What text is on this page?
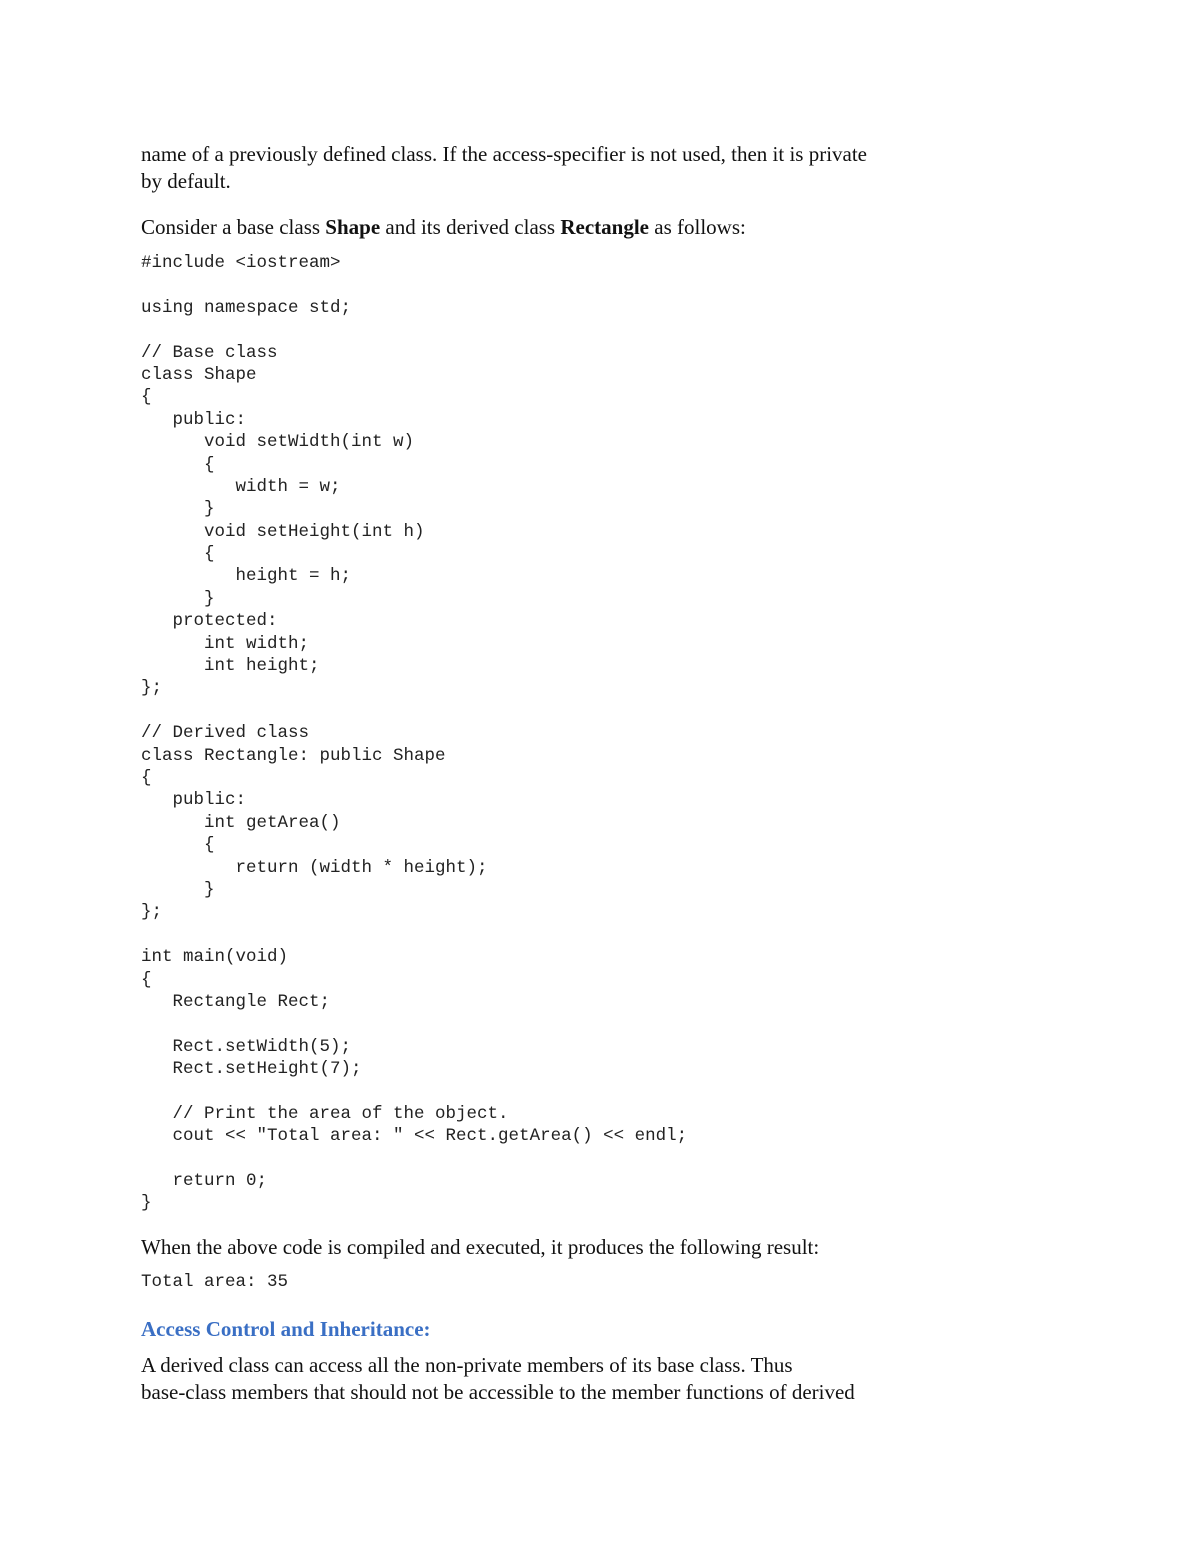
name of a previously defined class. If the access-specifier is not used, then it is private

by default.

Consider a base class Shape and its derived class Rectangle as follows:

#include <iostream>
using namespace std;
// Base class
class Shape
{
public:
void setWidth(int w)
{
width = w;
}
void setHeight(int h)
{
height = h;
}
protected:
int width;
int height;
};
// Derived class
class Rectangle: public Shape
{
public:
int getArea()
{
return (width * height);
}
};
int main(void)
{
Rectangle Rect;
Rect.setWidth(5);
Rect.setHeight(7);
// Print the area of the object.
cout << "Total area: " << Rect.getArea() << endl;
return 0;
}

When the above code is compiled and executed, it produces the following result:

Total area: 35

Access Control and Inheritance:

A derived class can access all the non-private members of its base class. Thus

base-class members that should not be accessible to the member functions of derived
